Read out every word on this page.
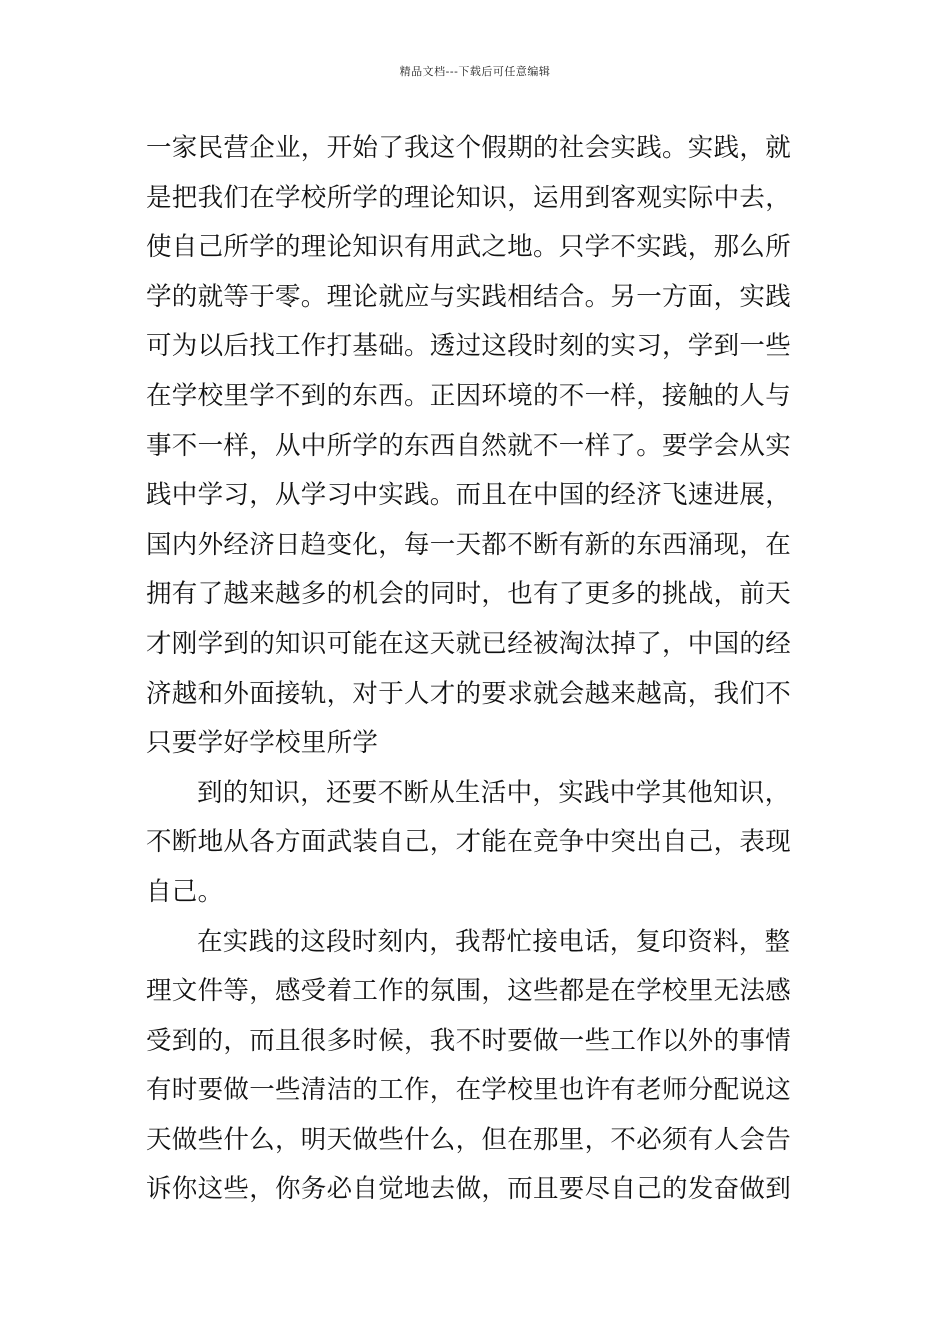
精品文档---下载后可任意编辑
一家民营企业，开始了我这个假期的社会实践。实践，就
是把我们在学校所学的理论知识，运用到客观实际中去，
使自己所学的理论知识有用武之地。只学不实践，那么所
学的就等于零。理论就应与实践相结合。另一方面，实践
可为以后找工作打基础。透过这段时刻的实习，学到一些
在学校里学不到的东西。正因环境的不一样，接触的人与
事不一样，从中所学的东西自然就不一样了。要学会从实
践中学习，从学习中实践。而且在中国的经济飞速进展，
国内外经济日趋变化，每一天都不断有新的东西涌现，在
拥有了越来越多的机会的同时，也有了更多的挑战，前天
才刚学到的知识可能在这天就已经被淘汰掉了，中国的经
济越和外面接轨，对于人才的要求就会越来越高，我们不
只要学好学校里所学
到的知识，还要不断从生活中，实践中学其他知识，
不断地从各方面武装自己，才能在竞争中突出自己，表现
自己。
在实践的这段时刻内，我帮忙接电话，复印资料，整
理文件等，感受着工作的氛围，这些都是在学校里无法感
受到的，而且很多时候，我不时要做一些工作以外的事情
有时要做一些清洁的工作，在学校里也许有老师分配说这
天做些什么，明天做些什么，但在那里，不必须有人会告
诉你这些，你务必自觉地去做，而且要尽自己的发奋做到
